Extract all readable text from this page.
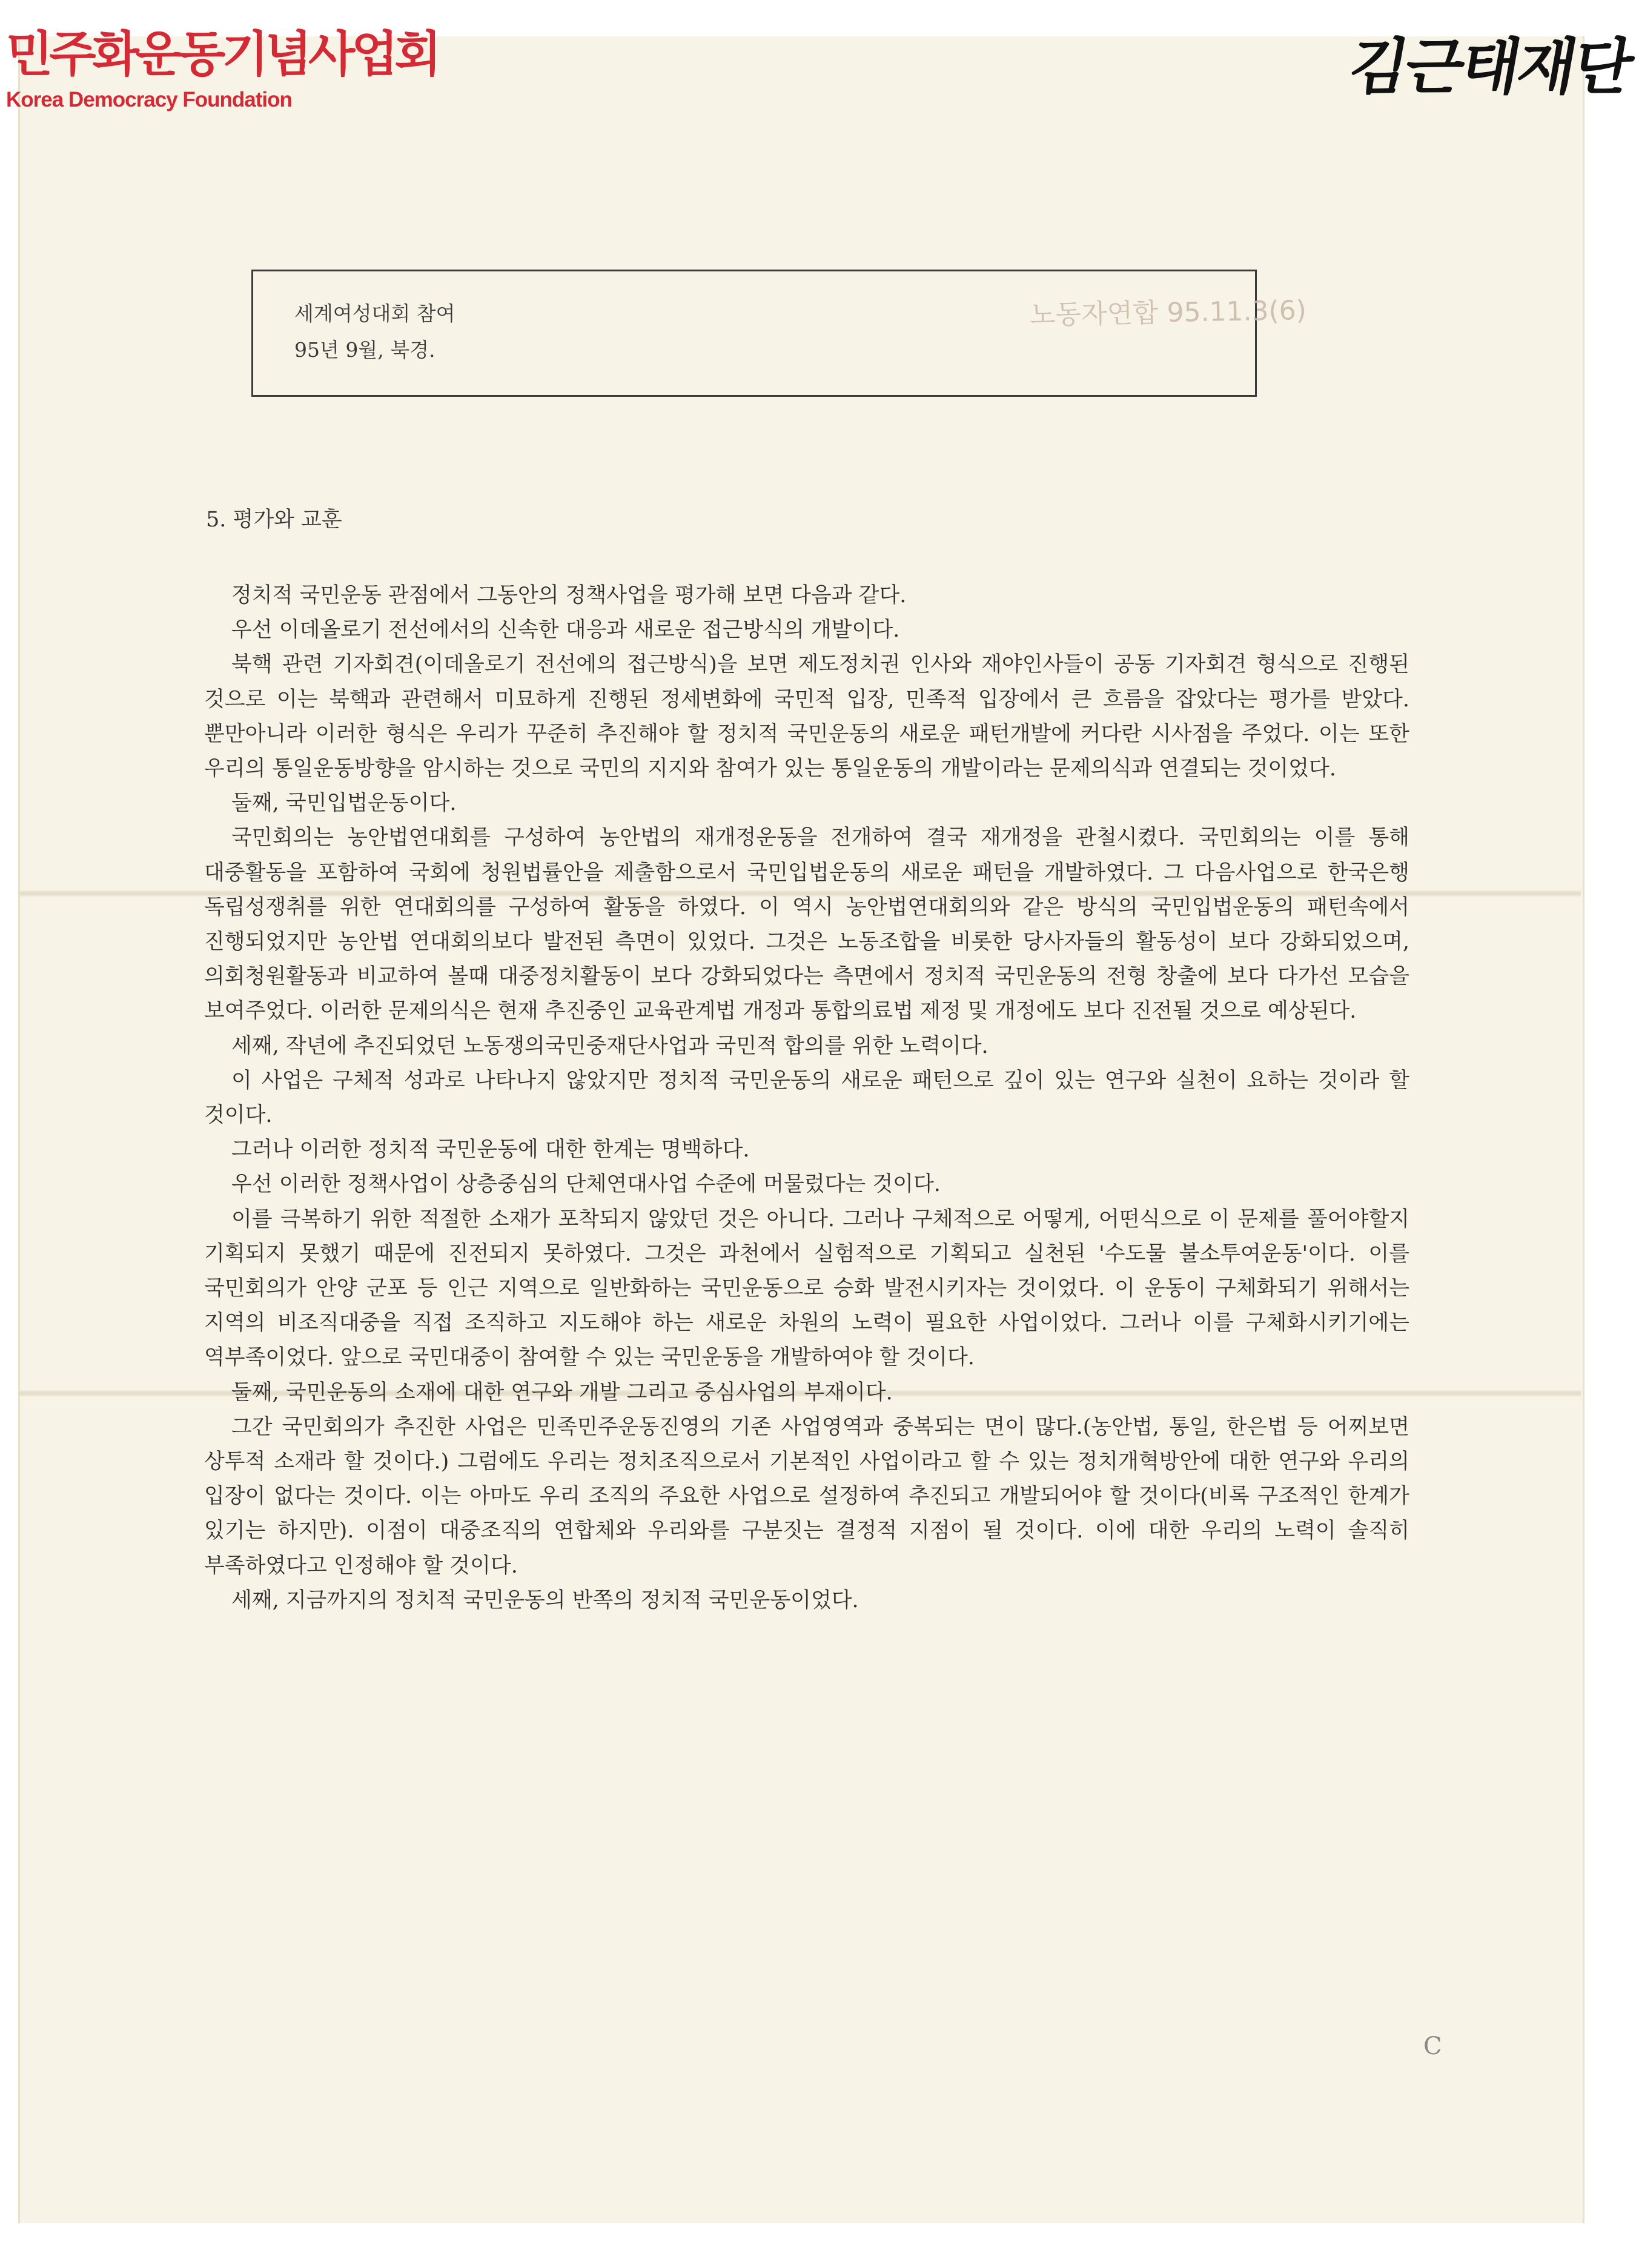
민주화운동기념사업회
Korea Democracy Foundation	김근태재단
세계여성대회 참여
95년 9월, 북경.
노동자연합 95.11.3(6)
5. 평가와 교훈

정치적 국민운동 관점에서 그동안의 정책사업을 평가해 보면 다음과 같다.

우선 이데올로기 전선에서의 신속한 대응과 새로운 접근방식의 개발이다.

북핵 관련 기자회견(이데올로기 전선에의 접근방식)을 보면 제도정치권 인사와 재야인사들이 공동 기자회견 형식으로 진행된 것으로 이는 북핵과 관련해서 미묘하게 진행된 정세변화에 국민적 입장, 민족적 입장에서 큰 흐름을 잡았다는 평가를 받았다. 뿐만아니라 이러한 형식은 우리가 꾸준히 추진해야 할 정치적 국민운동의 새로운 패턴개발에 커다란 시사점을 주었다. 이는 또한 우리의 통일운동방향을 암시하는 것으로 국민의 지지와 참여가 있는 통일운동의 개발이라는 문제의식과 연결되는 것이었다.

둘째, 국민입법운동이다.

국민회의는 농안법연대회를 구성하여 농안법의 재개정운동을 전개하여 결국 재개정을 관철시켰다. 국민회의는 이를 통해 대중활동을 포함하여 국회에 청원법률안을 제출함으로서 국민입법운동의 새로운 패턴을 개발하였다. 그 다음사업으로 한국은행 독립성쟁취를 위한 연대회의를 구성하여 활동을 하였다. 이 역시 농안법연대회의와 같은 방식의 국민입법운동의 패턴속에서 진행되었지만 농안법 연대회의보다 발전된 측면이 있었다. 그것은 노동조합을 비롯한 당사자들의 활동성이 보다 강화되었으며, 의회청원활동과 비교하여 볼때 대중정치활동이 보다 강화되었다는 측면에서 정치적 국민운동의 전형 창출에 보다 다가선 모습을 보여주었다. 이러한 문제의식은 현재 추진중인 교육관계법 개정과 통합의료법 제정 및 개정에도 보다 진전될 것으로 예상된다.

세째, 작년에 추진되었던 노동쟁의국민중재단사업과 국민적 합의를 위한 노력이다.

이 사업은 구체적 성과로 나타나지 않았지만 정치적 국민운동의 새로운 패턴으로 깊이 있는 연구와 실천이 요하는 것이라 할 것이다.

그러나 이러한 정치적 국민운동에 대한 한계는 명백하다.

우선 이러한 정책사업이 상층중심의 단체연대사업 수준에 머물렀다는 것이다.

이를 극복하기 위한 적절한 소재가 포착되지 않았던 것은 아니다. 그러나 구체적으로 어떻게, 어떤식으로 이 문제를 풀어야할지 기획되지 못했기 때문에 진전되지 못하였다. 그것은 과천에서 실험적으로 기획되고 실천된 '수도물 불소투여운동'이다. 이를 국민회의가 안양 군포 등 인근 지역으로 일반화하는 국민운동으로 승화 발전시키자는 것이었다. 이 운동이 구체화되기 위해서는 지역의 비조직대중을 직접 조직하고 지도해야 하는 새로운 차원의 노력이 필요한 사업이었다. 그러나 이를 구체화시키기에는 역부족이었다. 앞으로 국민대중이 참여할 수 있는 국민운동을 개발하여야 할 것이다.

둘째, 국민운동의 소재에 대한 연구와 개발 그리고 중심사업의 부재이다.

그간 국민회의가 추진한 사업은 민족민주운동진영의 기존 사업영역과 중복되는 면이 많다.(농안법, 통일, 한은법 등 어찌보면 상투적 소재라 할 것이다.) 그럼에도 우리는 정치조직으로서 기본적인 사업이라고 할 수 있는 정치개혁방안에 대한 연구와 우리의 입장이 없다는 것이다. 이는 아마도 우리 조직의 주요한 사업으로 설정하여 추진되고 개발되어야 할 것이다(비록 구조적인 한계가 있기는 하지만). 이점이 대중조직의 연합체와 우리와를 구분짓는 결정적 지점이 될 것이다. 이에 대한 우리의 노력이 솔직히 부족하였다고 인정해야 할 것이다.

세째, 지금까지의 정치적 국민운동의 반쪽의 정치적 국민운동이었다.

C
